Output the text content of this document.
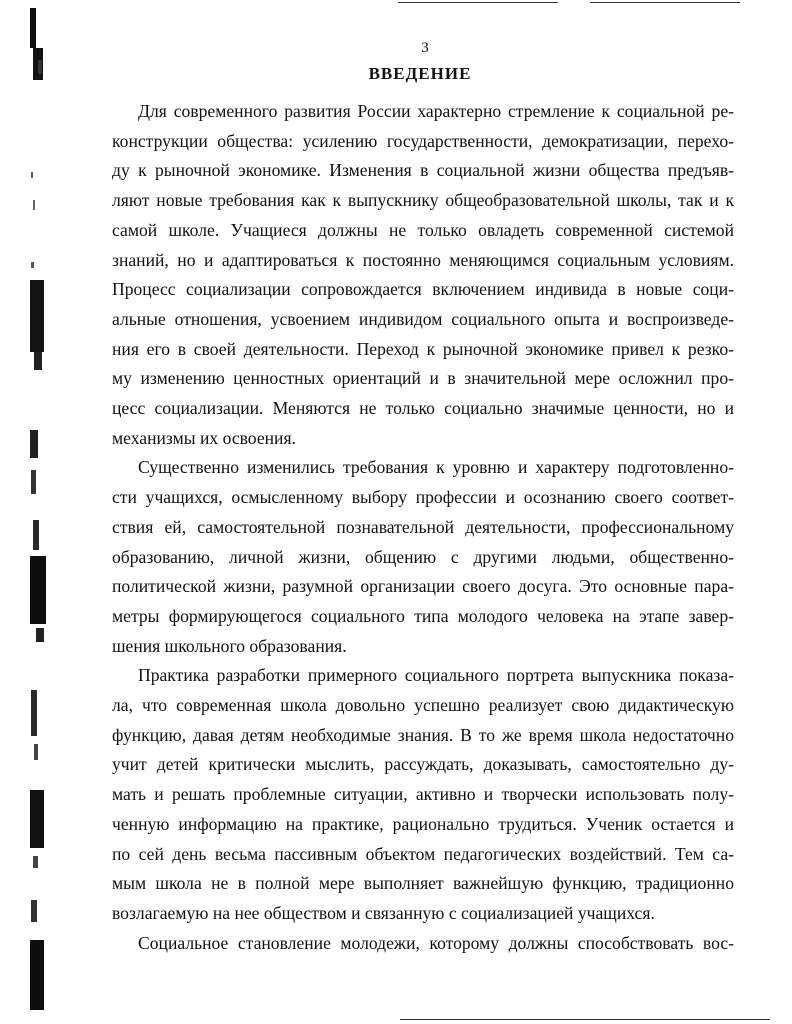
3
ВВЕДЕНИЕ

Для современного развития России характерно стремление к социальной ре-
конструкции общества: усилению государственности, демократизации, перехо-
ду к рыночной экономике. Изменения в социальной жизни общества предъяв-
ляют новые требования как к выпускнику общеобразовательной школы, так и к
самой школе. Учащиеся должны не только овладеть современной системой
знаний, но и адаптироваться к постоянно меняющимся социальным условиям.
Процесс социализации сопровождается включением индивида в новые соци-
альные отношения, усвоением индивидом социального опыта и воспроизведе-
ния его в своей деятельности. Переход к рыночной экономике привел к резко-
му изменению ценностных ориентаций и в значительной мере осложнил про-
цесс социализации. Меняются не только социально значимые ценности, но и
механизмы их освоения.

Существенно изменились требования к уровню и характеру подготовленно-
сти учащихся, осмысленному выбору профессии и осознанию своего соответ-
ствия ей, самостоятельной познавательной деятельности, профессиональному
образованию, личной жизни, общению с другими людьми, общественно-
политической жизни, разумной организации своего досуга. Это основные пара-
метры формирующегося социального типа молодого человека на этапе завер-
шения школьного образования.

Практика разработки примерного социального портрета выпускника показа-
ла, что современная школа довольно успешно реализует свою дидактическую
функцию, давая детям необходимые знания. В то же время школа недостаточно
учит детей критически мыслить, рассуждать, доказывать, самостоятельно ду-
мать и решать проблемные ситуации, активно и творчески использовать полу-
ченную информацию на практике, рационально трудиться. Ученик остается и
по сей день весьма пассивным объектом педагогических воздействий. Тем са-
мым школа не в полной мере выполняет важнейшую функцию, традиционно
возлагаемую на нее обществом и связанную с социализацией учащихся.

Социальное становление молодежи, которому должны способствовать вос-
